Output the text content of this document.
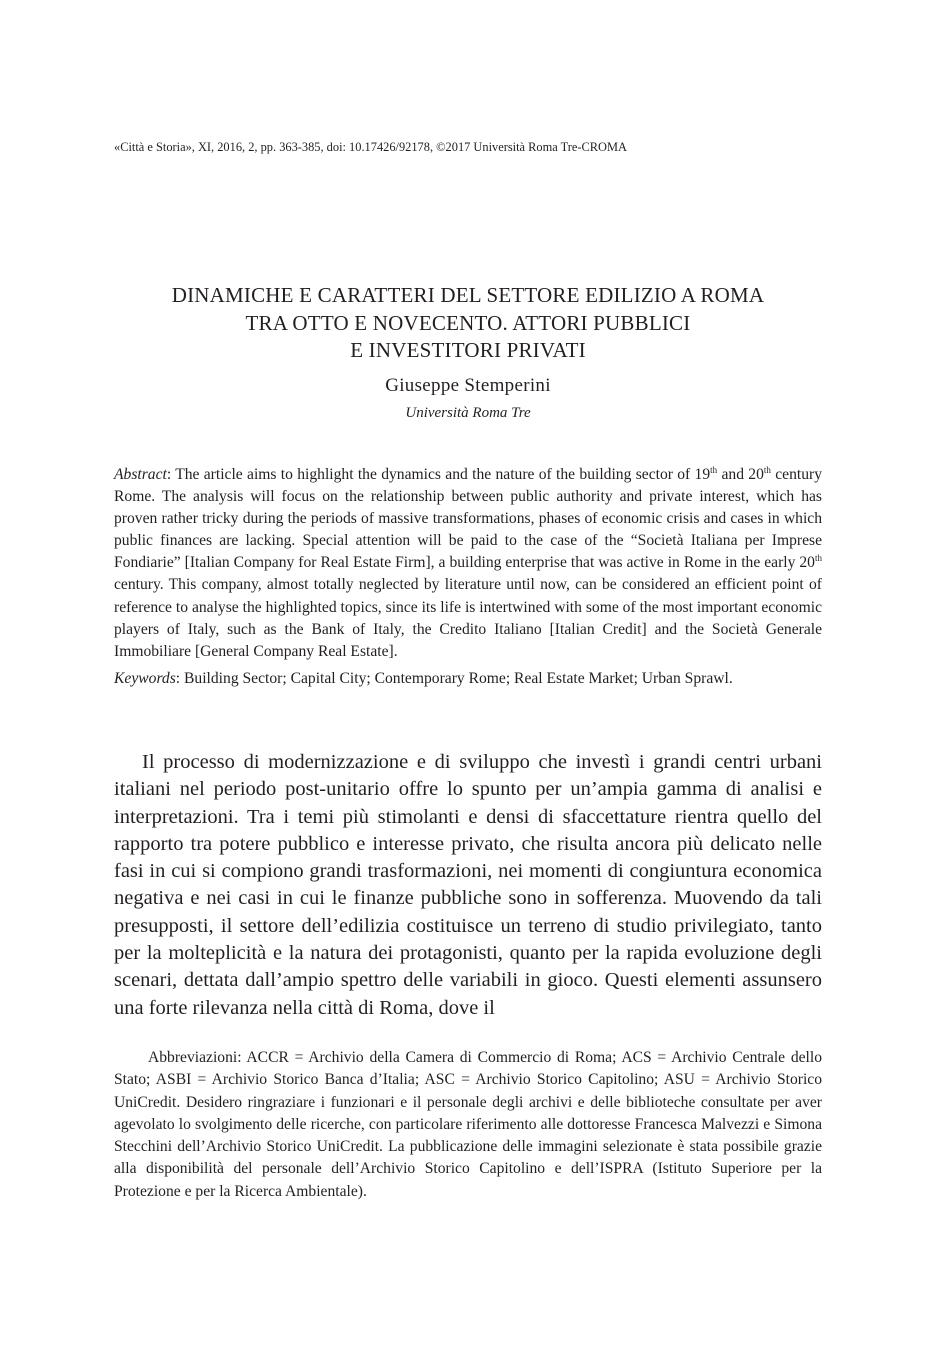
«Città e Storia», XI, 2016, 2, pp. 363-385, doi: 10.17426/92178, ©2017 Università Roma Tre-CROMA
DINAMICHE E CARATTERI DEL SETTORE EDILIZIO A ROMA
TRA OTTO E NOVECENTO. ATTORI PUBBLICI
E INVESTITORI PRIVATI
Giuseppe Stemperini
Università Roma Tre

Abstract: The article aims to highlight the dynamics and the nature of the building sector of 19th and 20th century Rome. The analysis will focus on the relationship between public authority and private interest, which has proven rather tricky during the periods of massive transformations, phases of economic crisis and cases in which public finances are lacking. Special attention will be paid to the case of the “Società Italiana per Imprese Fondiarie” [Italian Company for Real Estate Firm], a building enterprise that was active in Rome in the early 20th century. This company, almost totally neglected by literature until now, can be considered an efficient point of reference to analyse the highlighted topics, since its life is intertwined with some of the most important economic players of Italy, such as the Bank of Italy, the Credito Italiano [Italian Credit] and the Società Generale Immobiliare [General Company Real Estate].

Keywords: Building Sector; Capital City; Contemporary Rome; Real Estate Market; Urban Sprawl.

Il processo di modernizzazione e di sviluppo che investì i grandi centri urbani italiani nel periodo post-unitario offre lo spunto per un’ampia gamma di analisi e interpretazioni. Tra i temi più stimolanti e densi di sfaccettature rientra quello del rapporto tra potere pubblico e interesse privato, che risulta ancora più delicato nelle fasi in cui si compiono grandi trasformazioni, nei momenti di congiuntura economica negativa e nei casi in cui le finanze pubbliche sono in sofferenza. Muovendo da tali presupposti, il settore dell’edilizia costituisce un terreno di studio privilegiato, tanto per la molteplicità e la natura dei protagonisti, quanto per la rapida evoluzione degli scenari, dettata dall’ampio spettro delle variabili in gioco. Questi elementi assunsero una forte rilevanza nella città di Roma, dove il

Abbreviazioni: ACCR = Archivio della Camera di Commercio di Roma; ACS = Archivio Centrale dello Stato; ASBI = Archivio Storico Banca d’Italia; ASC = Archivio Storico Capitolino; ASU = Archivio Storico UniCredit. Desidero ringraziare i funzionari e il personale degli archivi e delle biblioteche consultate per aver agevolato lo svolgimento delle ricerche, con particolare riferimento alle dottoresse Francesca Malvezzi e Simona Stecchini dell’Archivio Storico UniCredit. La pubblicazione delle immagini selezionate è stata possibile grazie alla disponibilità del personale dell’Archivio Storico Capitolino e dell’ISPRA (Istituto Superiore per la Protezione e per la Ricerca Ambientale).
